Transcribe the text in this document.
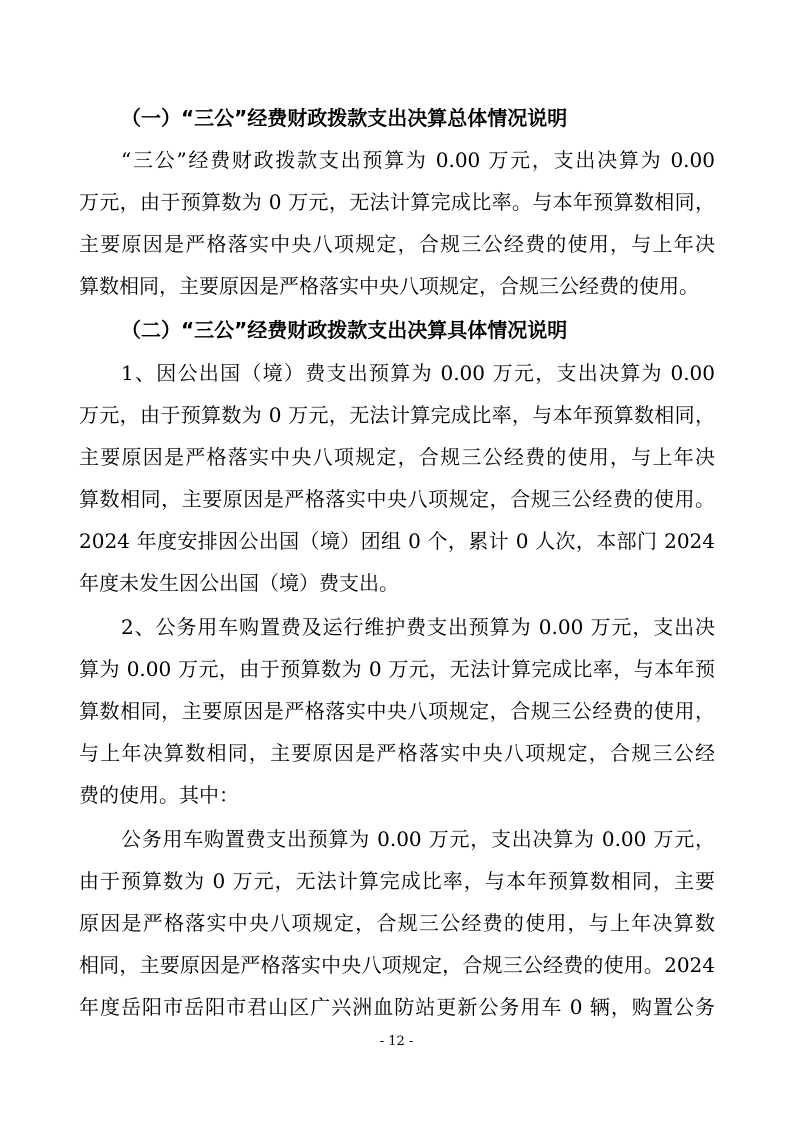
（一）“三公”经费财政拨款支出决算总体情况说明
“三公”经费财政拨款支出预算为 0.00 万元，支出决算为 0.00
万元，由于预算数为 0 万元，无法计算完成比率。与本年预算数相同，
主要原因是严格落实中央八项规定，合规三公经费的使用，与上年决
算数相同，主要原因是严格落实中央八项规定，合规三公经费的使用。
（二）“三公”经费财政拨款支出决算具体情况说明
1、因公出国（境）费支出预算为 0.00 万元，支出决算为 0.00
万元，由于预算数为 0 万元，无法计算完成比率，与本年预算数相同，
主要原因是严格落实中央八项规定，合规三公经费的使用，与上年决
算数相同，主要原因是严格落实中央八项规定，合规三公经费的使用。
2024 年度安排因公出国（境）团组 0 个，累计 0 人次，本部门 2024
年度未发生因公出国（境）费支出。
2、公务用车购置费及运行维护费支出预算为 0.00 万元，支出决
算为 0.00 万元，由于预算数为 0 万元，无法计算完成比率，与本年预
算数相同，主要原因是严格落实中央八项规定，合规三公经费的使用，
与上年决算数相同，主要原因是严格落实中央八项规定，合规三公经
费的使用。其中：
公务用车购置费支出预算为 0.00 万元，支出决算为 0.00 万元，
由于预算数为 0 万元，无法计算完成比率，与本年预算数相同，主要
原因是严格落实中央八项规定，合规三公经费的使用，与上年决算数
相同，主要原因是严格落实中央八项规定，合规三公经费的使用。2024
年度岳阳市岳阳市君山区广兴洲血防站更新公务用车 0 辆，购置公务
- 12 -
